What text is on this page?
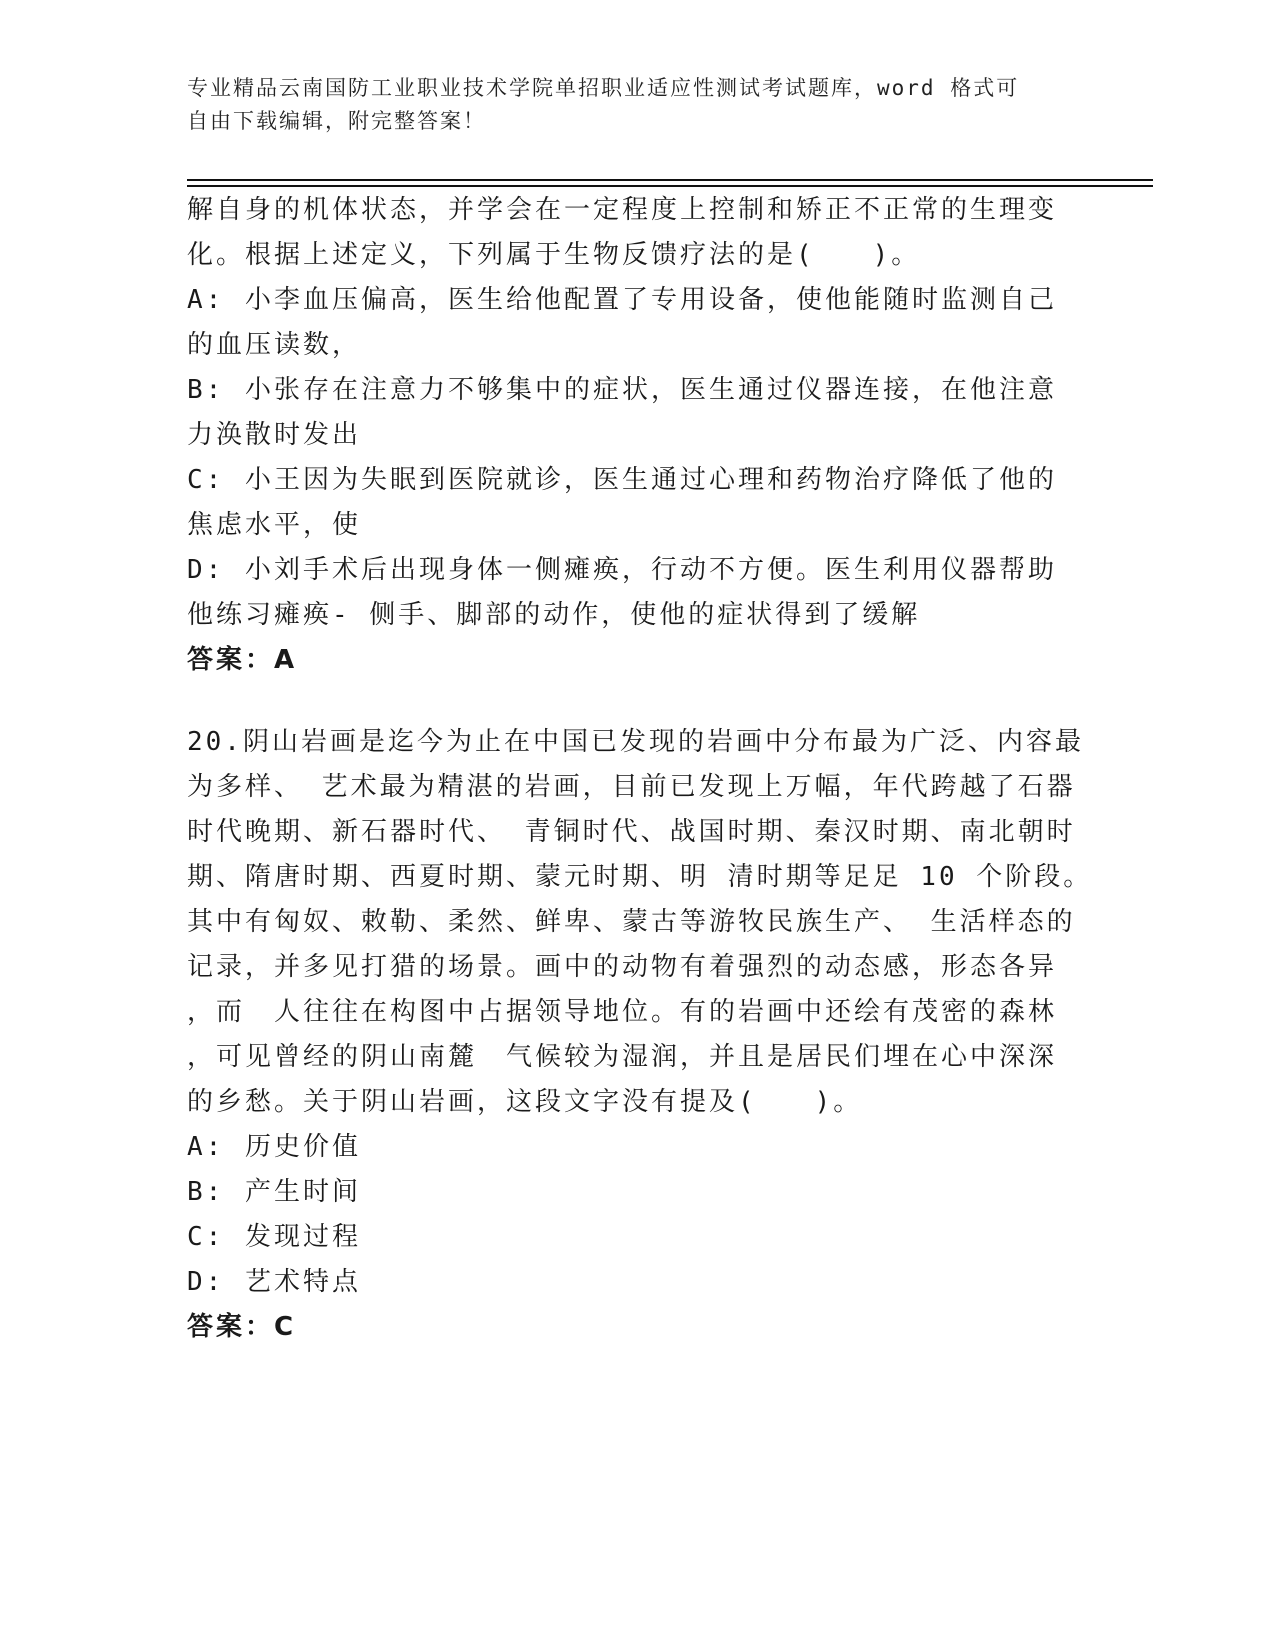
专业精品云南国防工业职业技术学院单招职业适应性测试考试题库，word 格式可
自由下载编辑，附完整答案！
解自身的机体状态，并学会在一定程度上控制和矫正不正常的生理变
化。根据上述定义，下列属于生物反馈疗法的是(　　)。
A: 小李血压偏高，医生给他配置了专用设备，使他能随时监测自己
的血压读数，
B: 小张存在注意力不够集中的症状，医生通过仪器连接，在他注意
力涣散时发出
C: 小王因为失眠到医院就诊，医生通过心理和药物治疗降低了他的
焦虑水平，使
D: 小刘手术后出现身体一侧瘫痪，行动不方便。医生利用仪器帮助
他练习瘫痪- 侧手、脚部的动作，使他的症状得到了缓解
答案：A
20.阴山岩画是迄今为止在中国已发现的岩画中分布最为广泛、内容最
为多样、 艺术最为精湛的岩画，目前已发现上万幅，年代跨越了石器
时代晚期、新石器时代、 青铜时代、战国时期、秦汉时期、南北朝时
期、隋唐时期、西夏时期、蒙元时期、明 清时期等足足 10 个阶段。
其中有匈奴、敕勒、柔然、鲜卑、蒙古等游牧民族生产、 生活样态的
记录，并多见打猎的场景。画中的动物有着强烈的动态感，形态各异
，而　人往往在构图中占据领导地位。有的岩画中还绘有茂密的森林
，可见曾经的阴山南麓　气候较为湿润，并且是居民们埋在心中深深
的乡愁。关于阴山岩画，这段文字没有提及(　　)。
A: 历史价值
B: 产生时间
C: 发现过程
D: 艺术特点
答案：C
